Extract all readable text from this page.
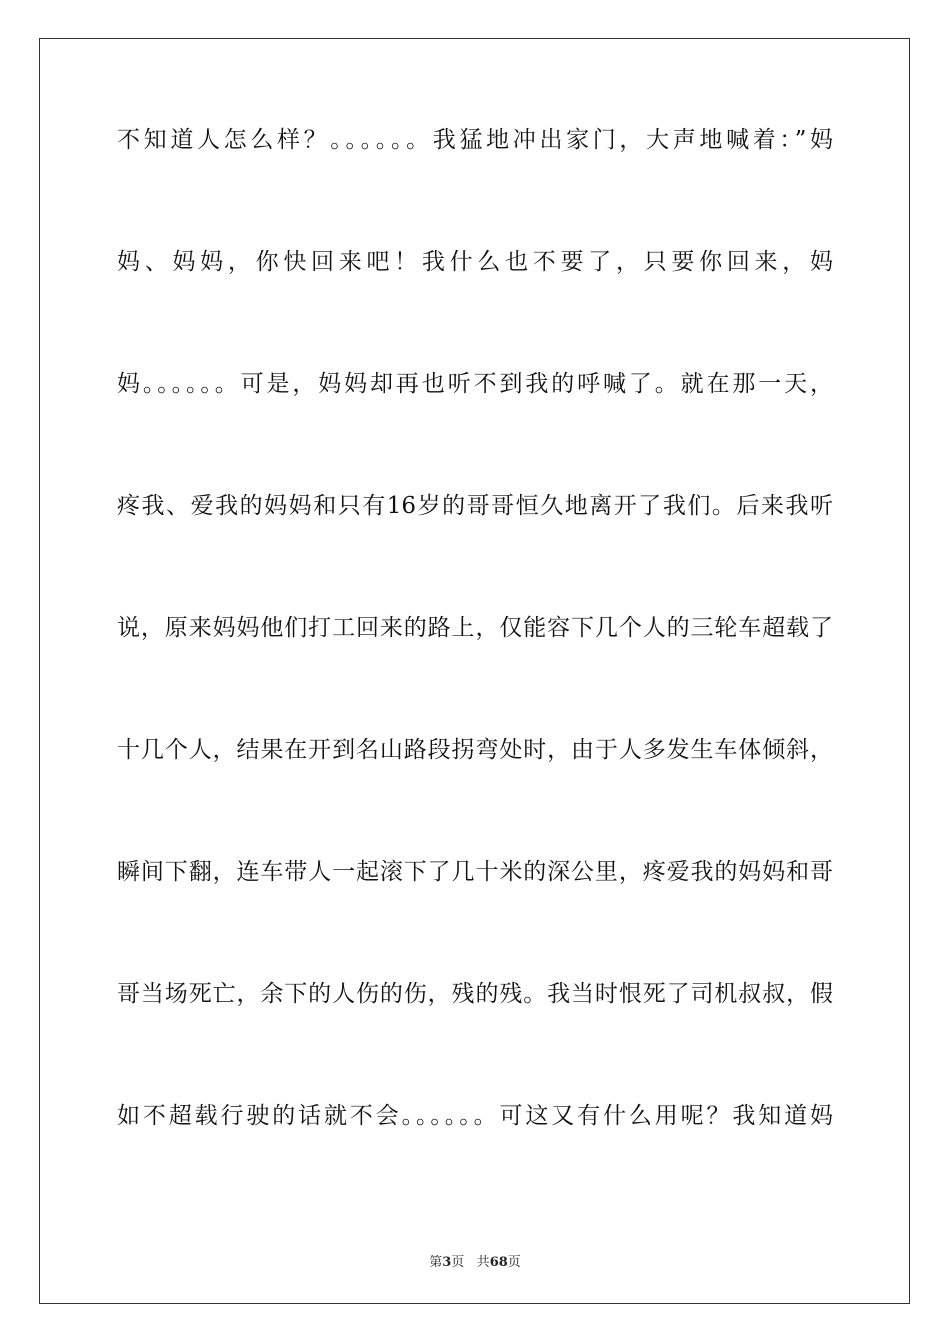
不知道人怎么样？。。。。。。我猛地冲出家门，大声地喊着：”妈

妈、妈妈，你快回来吧！我什么也不要了，只要你回来，妈

妈。。。。。。可是，妈妈却再也听不到我的呼喊了。就在那一天，

疼我、爱我的妈妈和只有16岁的哥哥恒久地离开了我们。后来我听

说，原来妈妈他们打工回来的路上，仅能容下几个人的三轮车超载了

十几个人，结果在开到名山路段拐弯处时，由于人多发生车体倾斜，

瞬间下翻，连车带人一起滚下了几十米的深公里，疼爱我的妈妈和哥

哥当场死亡，余下的人伤的伤，残的残。我当时恨死了司机叔叔，假

如不超载行驶的话就不会。。。。。。可这又有什么用呢？我知道妈

第3页 共68页
